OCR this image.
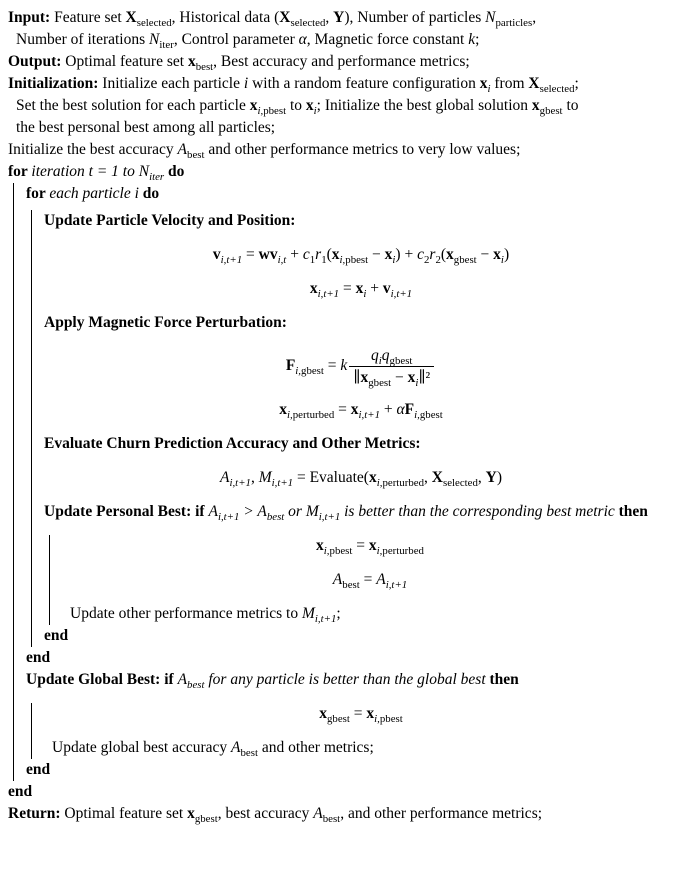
Input: Feature set $X_{selected}$, Historical data ($X_{selected}$, Y), Number of particles $N_{particles}$,
Number of iterations $N_{iter}$, Control parameter α, Magnetic force constant k;
Output: Optimal feature set $x_{best}$, Best accuracy and performance metrics;
Initialization: Initialize each particle i with a random feature configuration $x_i$ from $X_{selected}$;
Set the best solution for each particle $x_{i,pbest}$ to $x_i$; Initialize the best global solution $x_{gbest}$ to
the best personal best among all particles;
Initialize the best accuracy $A_{best}$ and other performance metrics to very low values;
for iteration t = 1 to $N_{iter}$ do
for each particle i do
Update Particle Velocity and Position:
$v_{i,t+1} = wv_{i,t} + c_1r_1(x_{i,pbest} - x_i) + c_2r_2(x_{gbest} - x_i)$
$x_{i,t+1} = x_i + v_{i,t+1}$
Apply Magnetic Force Perturbation:
$F_{i,gbest} = k \frac{q_iq_{gbest}}{\parallel x_{gbest} - x_i\parallel^2}$
$x_{i,perturbed} = x_{i,t+1} + \alpha F_{i,gbest}$
Evaluate Churn Prediction Accuracy and Other Metrics:
$A_{i,t+1}$, $M_{i,t+1}$ = $Evaluate(x_{i,perturbed}$, $X_{selected}$, Y)
Update Personal Best: if $A_{i,t+1} > A_{best}$ or $M_{i,t+1}$ is better than the corresponding best metric then
$x_{i,pbest} = x_{i,perturbed}$
$A_{best} = A_{i,t+1}$
Update other performance metrics to $M_{i,t+1}$;
end
end
Update Global Best: if $A_{best}$ for any particle is better than the global best then
$x_{gbest} = x_{i,pbest}$
Update global best accuracy $A_{best}$ and other metrics;
end
end
Return: Optimal feature set $x_{gbest}$, best accuracy $A_{best}$, and other performance metrics;
